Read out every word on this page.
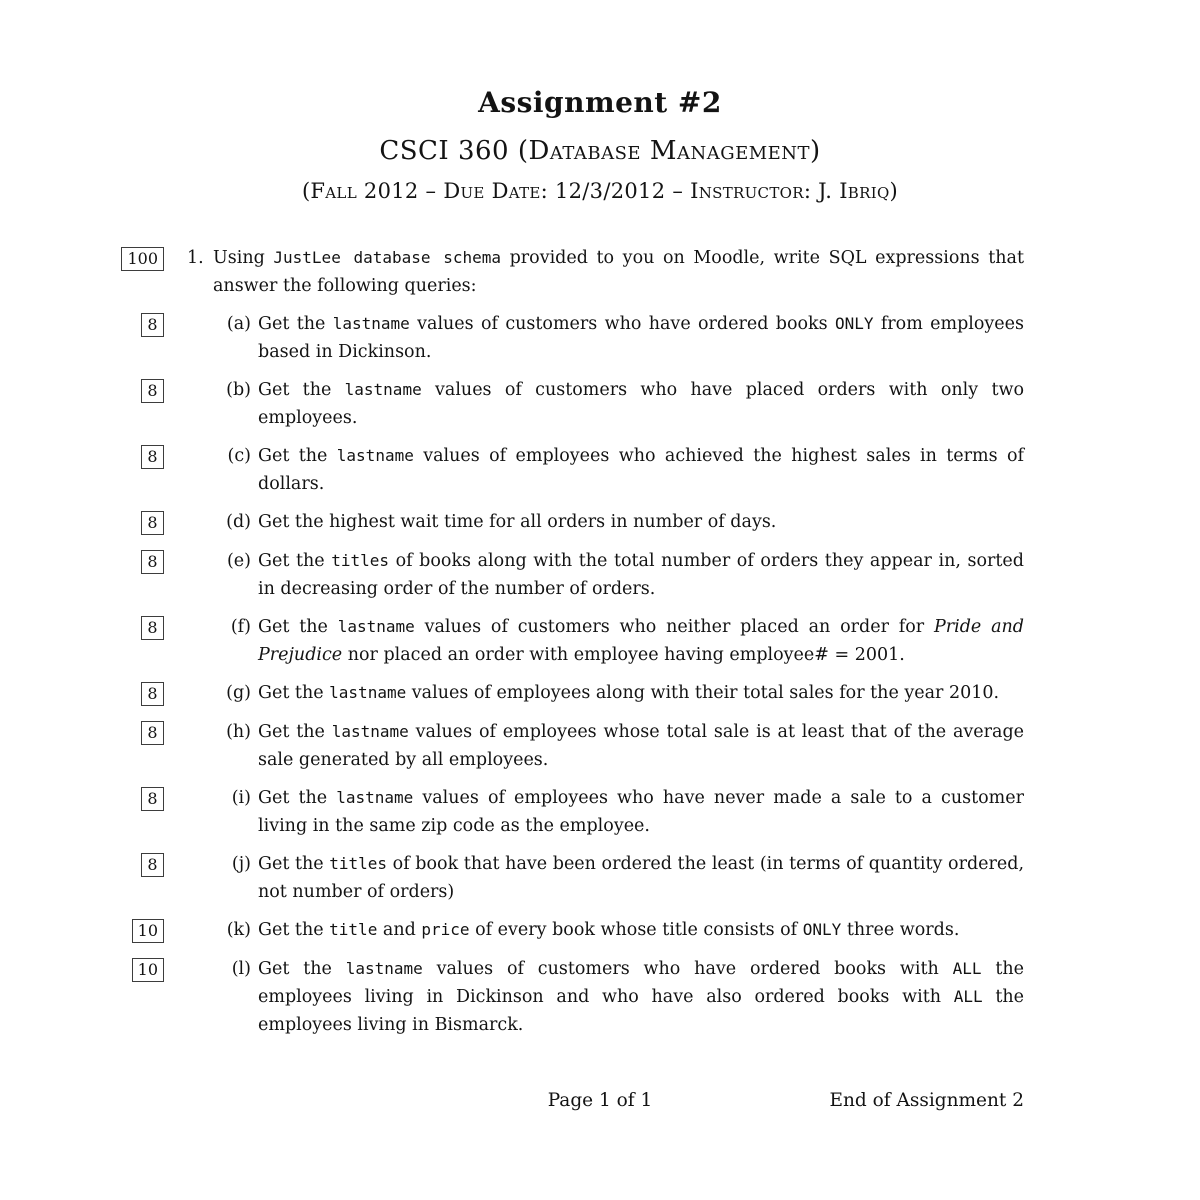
Assignment #2
CSCI 360 (Database Management)
(Fall 2012 – Due Date: 12/3/2012 – Instructor: J. Ibriq)
100	1. Using JustLee database schema provided to you on Moodle, write SQL expressions that answer the following queries:
8	(a) Get the lastname values of customers who have ordered books ONLY from employees based in Dickinson.
8	(b) Get the lastname values of customers who have placed orders with only two employees.
8	(c) Get the lastname values of employees who achieved the highest sales in terms of dollars.
8	(d) Get the highest wait time for all orders in number of days.
8	(e) Get the titles of books along with the total number of orders they appear in, sorted in decreasing order of the number of orders.
8	(f) Get the lastname values of customers who neither placed an order for Pride and Prejudice nor placed an order with employee having employee# = 2001.
8	(g) Get the lastname values of employees along with their total sales for the year 2010.
8	(h) Get the lastname values of employees whose total sale is at least that of the average sale generated by all employees.
8	(i) Get the lastname values of employees who have never made a sale to a customer living in the same zip code as the employee.
8	(j) Get the titles of book that have been ordered the least (in terms of quantity ordered, not number of orders)
10	(k) Get the title and price of every book whose title consists of ONLY three words.
10	(l) Get the lastname values of customers who have ordered books with ALL the employees living in Dickinson and who have also ordered books with ALL the employees living in Bismarck.
Page 1 of 1	End of Assignment 2
